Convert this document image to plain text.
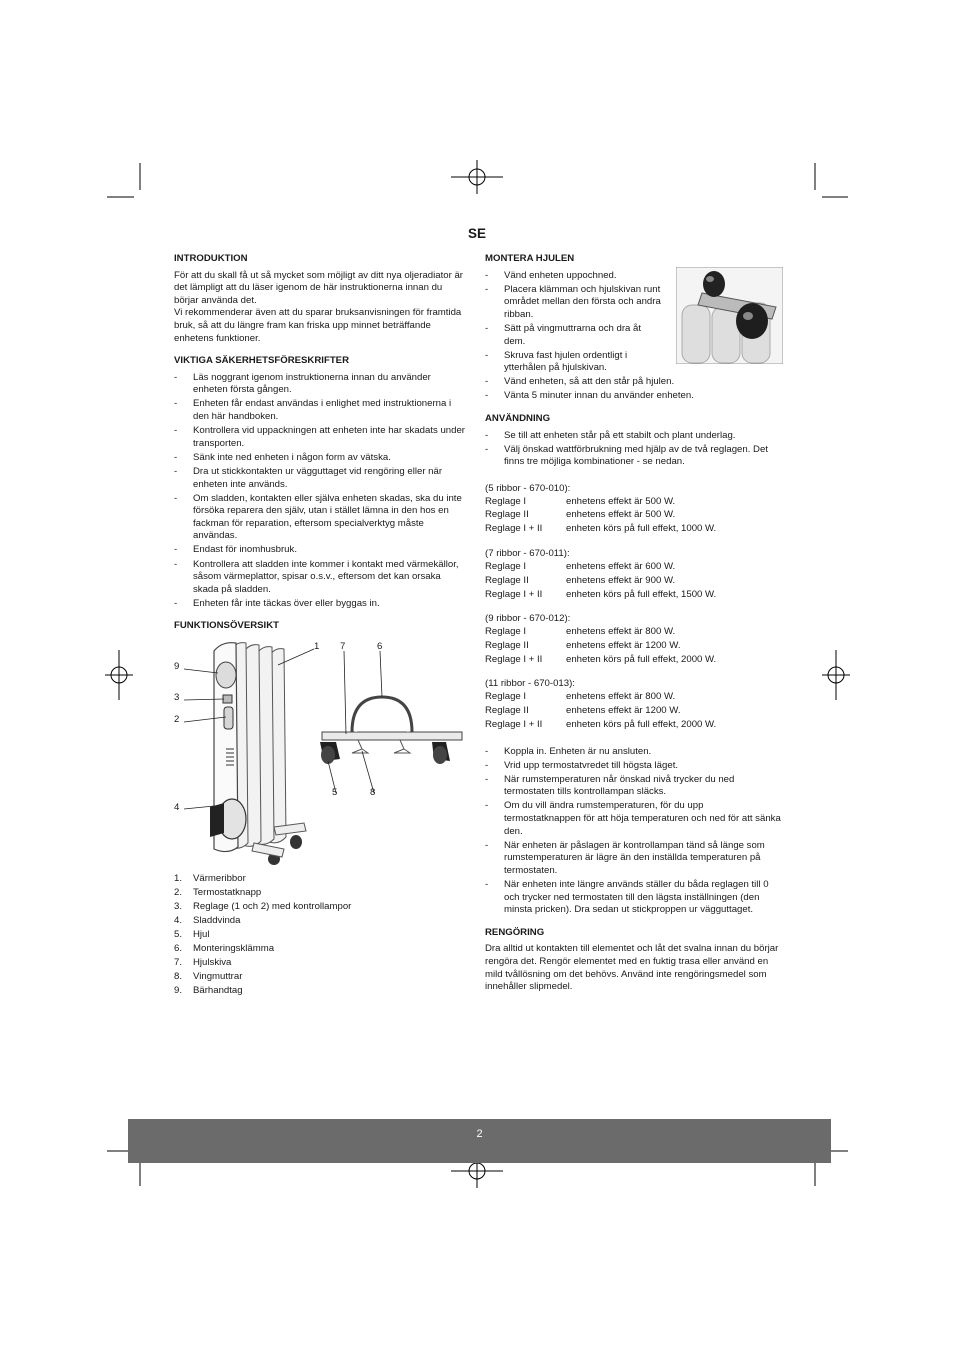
SE
INTRODUKTION

För att du skall få ut så mycket som möjligt av ditt nya oljeradiator är det lämpligt att du läser igenom de här instruktionerna innan du börjar använda det.

Vi rekommenderar även att du sparar bruksanvisningen för framtida bruk, så att du längre fram kan friska upp minnet beträffande enhetens funktioner.

VIKTIGA SÄKERHETSFÖRESKRIFTER
- Läs noggrant igenom instruktionerna innan du använder enheten första gången.
- Enheten får endast användas i enlighet med instruktionerna i den här handboken.
- Kontrollera vid uppackningen att enheten inte har skadats under transporten.
- Sänk inte ned enheten i någon form av vätska.
- Dra ut stickkontakten ur vägguttaget vid rengöring eller när enheten inte används.
- Om sladden, kontakten eller själva enheten skadas, ska du inte försöka reparera den själv, utan i stället lämna in den hos en fackman för reparation, eftersom specialverktyg måste användas.
- Endast för inomhusbruk.
- Kontrollera att sladden inte kommer i kontakt med värmekällor, såsom värmeplattor, spisar o.s.v., eftersom det kan orsaka skada på sladden.
- Enheten får inte täckas över eller byggas in.
FUNKTIONSÖVERSIKT
1 7	6
9
3
2
4
5	8
1. Värmeribbor
2. Termostatknapp
3. Reglage (1 och 2) med kontrollampor
4. Sladdvinda
5. Hjul
6. Monteringsklämma
7. Hjulskiva
8. Vingmuttrar
9. Bärhandtag
MONTERA HJULEN
- Vänd enheten uppochned.
- Placera klämman och hjulskivan runt området mellan den första och andra ribban.
- Sätt på vingmuttrarna och dra åt dem.
- Skruva fast hjulen ordentligt i ytterhålen på hjulskivan.
- Vänd enheten, så att den står på hjulen.
- Vänta 5 minuter innan du använder enheten.
ANVÄNDNING
- Se till att enheten står på ett stabilt och plant underlag.
- Välj önskad wattförbrukning med hjälp av de två reglagen. Det finns tre möjliga kombinationer - se nedan.
(5 ribbor - 670-010):
Reglage I	enhetens effekt är 500 W.
Reglage II	enhetens effekt är 500 W.
Reglage I + II	enheten körs på full effekt, 1000 W.
(7 ribbor - 670-011):
Reglage I	enhetens effekt är 600 W.
Reglage II	enhetens effekt är 900 W.
Reglage I + II	enheten körs på full effekt, 1500 W.
(9 ribbor - 670-012):
Reglage I	enhetens effekt är 800 W.
Reglage II	enhetens effekt är 1200 W.
Reglage I + II	enheten körs på full effekt, 2000 W.
(11 ribbor - 670-013):
Reglage I	enhetens effekt är 800 W.
Reglage II	enhetens effekt är 1200 W.
Reglage I + II	enheten körs på full effekt, 2000 W.
- Koppla in. Enheten är nu ansluten.
- Vrid upp termostatvredet till högsta läget.
- När rumstemperaturen når önskad nivå trycker du ned termostaten tills kontrollampan släcks.
- Om du vill ändra rumstemperaturen, för du upp termostatknappen för att höja temperaturen och ned för att sänka den.
- När enheten är påslagen är kontrollampan tänd så länge som rumstemperaturen är lägre än den inställda temperaturen på termostaten.
- När enheten inte längre används ställer du båda reglagen till 0 och trycker ned termostaten till den lägsta inställningen (den minsta pricken). Dra sedan ut stickproppen ur vägguttaget.
RENGÖRING

Dra alltid ut kontakten till elementet och låt det svalna innan du börjar rengöra det. Rengör elementet med en fuktig trasa eller använd en mild tvållösning om det behövs. Använd inte rengöringsmedel som innehåller slipmedel.

2
